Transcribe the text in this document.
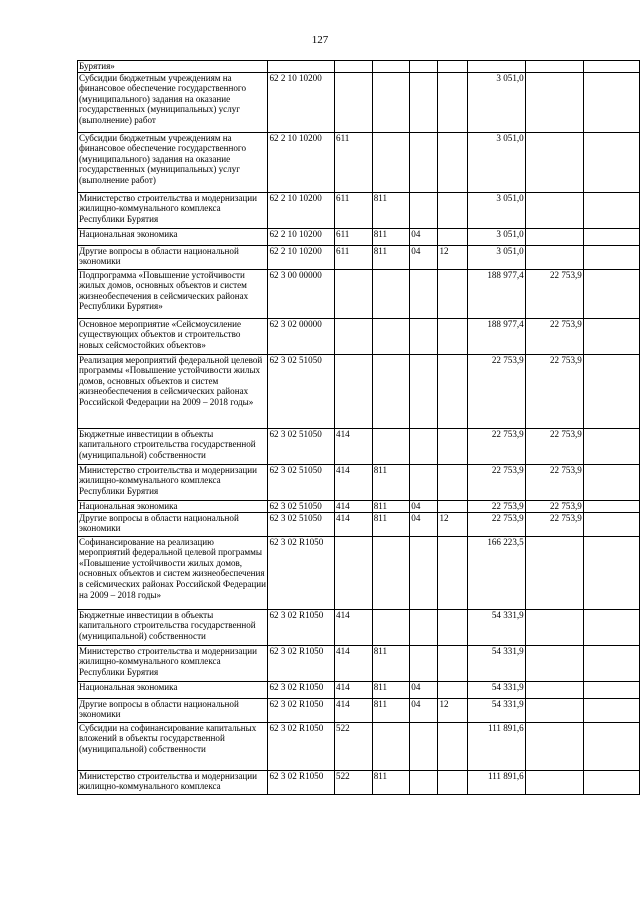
127
Бурятия»								
Субсидии бюджетным учреждениям на финансовое обеспечение государственного (муниципального) задания на оказание государственных (муниципальных) услуг (выполнение) работ	62 2 10 10200					3 051,0		
Субсидии бюджетным учреждениям на финансовое обеспечение государственного (муниципального) задания на оказание государственных (муниципальных) услуг (выполнение работ)	62 2 10 10200	611				3 051,0		
Министерство строительства и модернизации жилищно-коммунального комплекса Республики Бурятия	62 2 10 10200	611	811			3 051,0		
Национальная экономика	62 2 10 10200	611	811	04		3 051,0		
Другие вопросы в области национальной экономики	62 2 10 10200	611	811	04	12	3 051,0		
Подпрограмма «Повышение устойчивости жилых домов, основных объектов и систем жизнеобеспечения в сейсмических районах Республики Бурятия»	62 3 00 00000					188 977,4	22 753,9	
Основное мероприятие «Сейсмоусиление существующих объектов и строительство новых сейсмостойких объектов»	62 3 02 00000					188 977,4	22 753,9	
Реализация мероприятий федеральной целевой программы «Повышение устойчивости жилых домов, основных объектов и систем жизнеобеспечения в сейсмических районах Российской Федерации на 2009 – 2018 годы»	62 3 02 51050					22 753,9	22 753,9	
Бюджетные инвестиции в объекты капитального строительства государственной (муниципальной) собственности	62 3 02 51050	414				22 753,9	22 753,9	
Министерство строительства и модернизации жилищно-коммунального комплекса Республики Бурятия	62 3 02 51050	414	811			22 753,9	22 753,9	
Национальная экономика	62 3 02 51050	414	811	04		22 753,9	22 753,9	
Другие вопросы в области национальной экономики	62 3 02 51050	414	811	04	12	22 753,9	22 753,9	
Софинансирование на реализацию мероприятий федеральной целевой программы «Повышение устойчивости жилых домов, основных объектов и систем жизнеобеспечения в сейсмических районах Российской Федерации на 2009 – 2018 годы»	62 3 02 R1050					166 223,5		
Бюджетные инвестиции в объекты капитального строительства государственной (муниципальной) собственности	62 3 02 R1050	414				54 331,9		
Министерство строительства и модернизации жилищно-коммунального комплекса Республики Бурятия	62 3 02 R1050	414	811			54 331,9		
Национальная экономика	62 3 02 R1050	414	811	04		54 331,9		
Другие вопросы в области национальной экономики	62 3 02 R1050	414	811	04	12	54 331,9		
Субсидии на софинансирование капитальных вложений в объекты государственной (муниципальной) собственности	62 3 02 R1050	522				111 891,6		
Министерство строительства и модернизации жилищно-коммунального комплекса	62 3 02 R1050	522	811			111 891,6		
